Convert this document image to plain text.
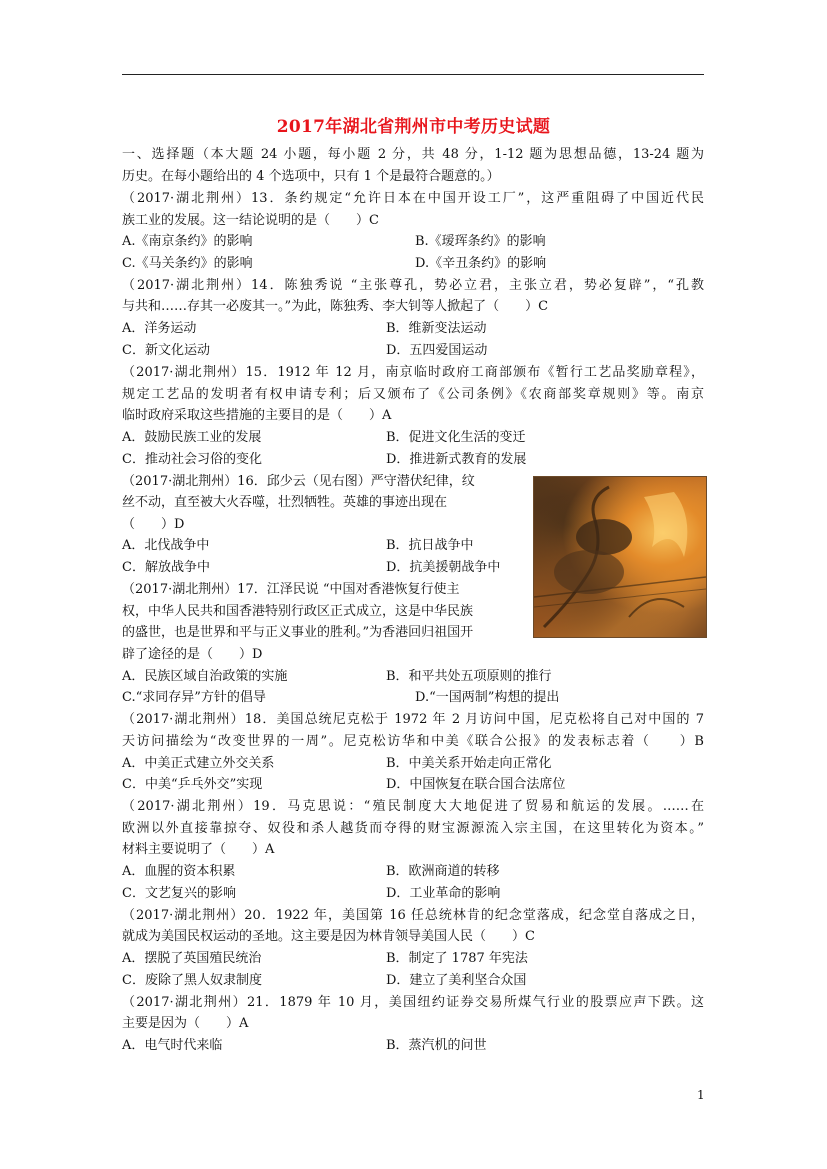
2017年湖北省荆州市中考历史试题
一、选择题（本大题 24 小题，每小题 2 分，共 48 分，1-12 题为思想品德，13-24 题为
历史。在每小题给出的 4 个选项中，只有 1 个是最符合题意的。）
（2017·湖北荆州）13．条约规定“允许日本在中国开设工厂”，这严重阻碍了中国近代民
族工业的发展。这一结论说明的是（　　）C
A.《南京条约》的影响	B.《瑷珲条约》的影响
C.《马关条约》的影响	D.《辛丑条约》的影响
（2017·湖北荆州）14．陈独秀说 “主张尊孔，势必立君，主张立君，势必复辟”，“孔教
与共和……存其一必废其一。”为此，陈独秀、李大钊等人掀起了（　　）C
A．洋务运动	B．维新变法运动
C．新文化运动	D．五四爱国运动
（2017·湖北荆州）15．1912 年 12 月，南京临时政府工商部颁布《暂行工艺品奖励章程》，
规定工艺品的发明者有权申请专利；后又颁布了《公司条例》《农商部奖章规则》等。南京
临时政府采取这些措施的主要目的是（　　）A
A．鼓励民族工业的发展	B．促进文化生活的变迁
C．推动社会习俗的变化	D．推进新式教育的发展
（2017·湖北荆州）16．邱少云（见右图）严守潜伏纪律，纹
丝不动，直至被大火吞噬，壮烈牺牲。英雄的事迹出现在
（　　）D
A．北伐战争中	B．抗日战争中
C．解放战争中	D．抗美援朝战争中
（2017·湖北荆州）17．江泽民说 “中国对香港恢复行使主
权，中华人民共和国香港特别行政区正式成立，这是中华民族
的盛世，也是世界和平与正义事业的胜利。”为香港回归祖国开
辟了途径的是（　　）D
A．民族区域自治政策的实施	B．和平共处五项原则的推行
C.“求同存异”方针的倡导	D.“一国两制”构想的提出
（2017·湖北荆州）18．美国总统尼克松于 1972 年 2 月访问中国，尼克松将自己对中国的 7
天访问描绘为“改变世界的一周”。尼克松访华和中美《联合公报》的发表标志着（　　）B
A．中美正式建立外交关系	B．中美关系开始走向正常化
C．中美“乒乓外交”实现	D．中国恢复在联合国合法席位
（2017·湖北荆州）19．马克思说：“殖民制度大大地促进了贸易和航运的发展。……在
欧洲以外直接靠掠夺、奴役和杀人越货而夺得的财宝源源流入宗主国，在这里转化为资本。”
材料主要说明了（　　）A
A．血腥的资本积累	B．欧洲商道的转移
C．文艺复兴的影响	D．工业革命的影响
（2017·湖北荆州）20．1922 年，美国第 16 任总统林肯的纪念堂落成，纪念堂自落成之日，
就成为美国民权运动的圣地。这主要是因为林肯领导美国人民（　　）C
A．摆脱了英国殖民统治	B．制定了 1787 年宪法
C．废除了黑人奴隶制度	D．建立了美利坚合众国
（2017·湖北荆州）21．1879 年 10 月，美国纽约证券交易所煤气行业的股票应声下跌。这
主要是因为（　　）A
A．电气时代来临	B．蒸汽机的问世
1
